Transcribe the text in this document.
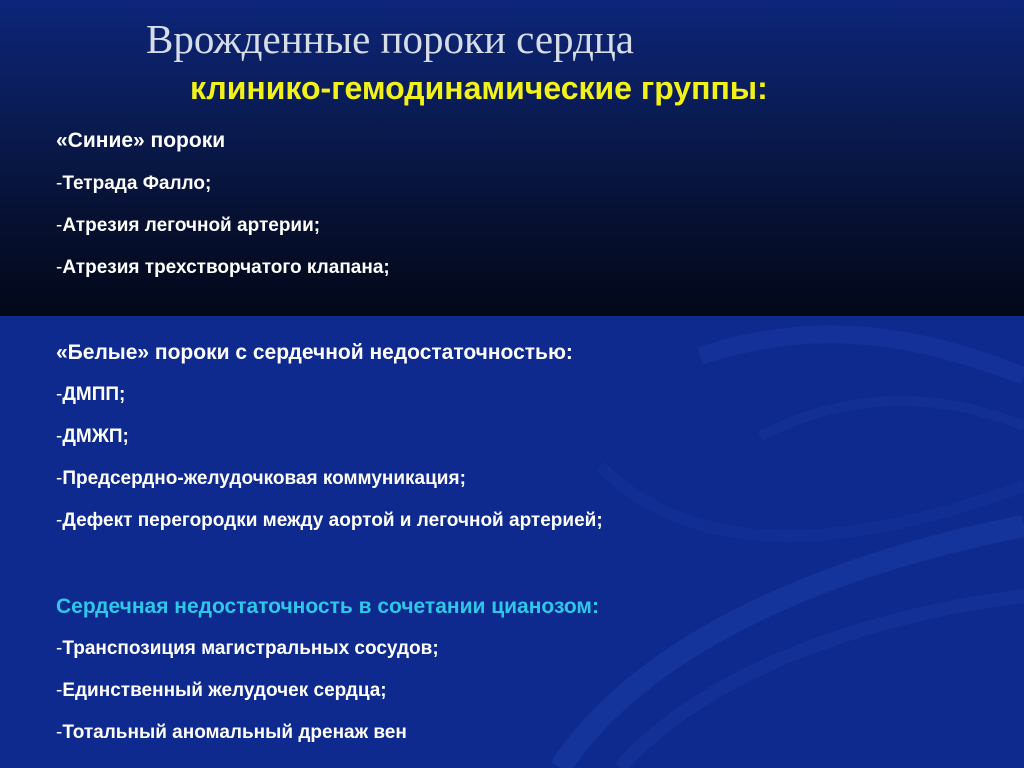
Врожденные пороки сердца
клинико-гемодинамические группы:

«Синие» пороки

-Тетрада Фалло;

-Атрезия легочной артерии;

-Атрезия трехстворчатого клапана;

«Белые» пороки с сердечной недостаточностью:

-ДМПП;

-ДМЖП;

-Предсердно-желудочковая коммуникация;

-Дефект перегородки между аортой и легочной артерией;

Сердечная недостаточность в сочетании цианозом:

-Транспозиция магистральных сосудов;

-Единственный желудочек сердца;

-Тотальный аномальный дренаж вен
